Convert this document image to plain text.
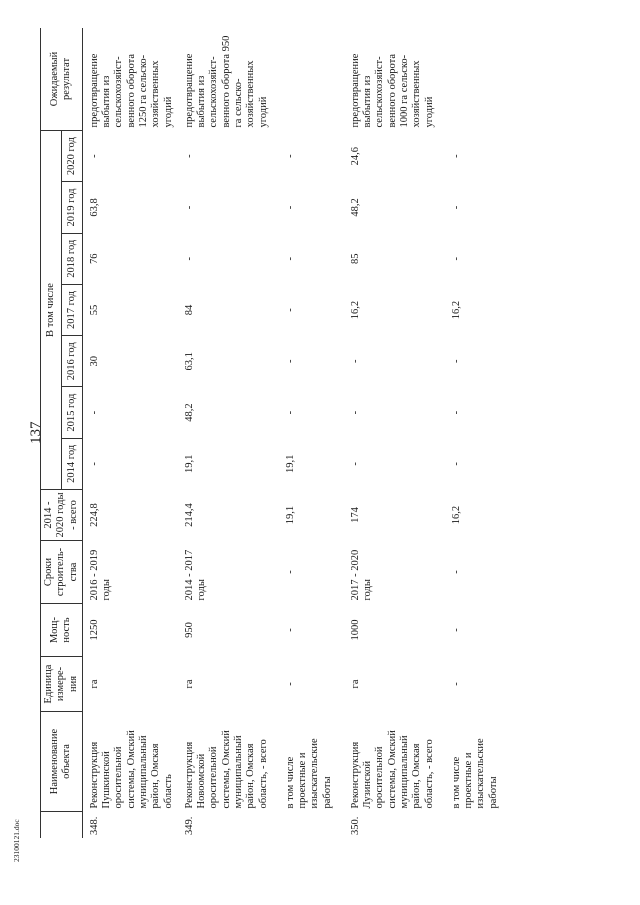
137
23100121.doc
	Наименование объекта	Единица измере-ния	Мощ-ность	Сроки строитель-ства	2014 - 2020 годы - всего	В том числе							Ожидаемый результат
						2014 год	2015 год	2016 год	2017 год	2018 год	2019 год	2020 год	
348.	Реконструкция Пушкинской оросительной системы, Омский муниципальный район, Омская область	га	1250	2016 - 2019 годы	224,8	-	-	30	55	76	63,8	-	предотвращение выбытия из сельскохозяйст-венного оборота 1250 га сельско-хозяйственных угодий
349.	Реконструкция Новоомской оросительной системы, Омский муниципальный район, Омская область, - всего	га	950	2014 - 2017 годы	214,4	19,1	48,2	63,1	84	-	-	-	предотвращение выбытия из сельскохозяйст-венного оборота 950 га сельско-хозяйственных угодий
	в том числе проектные и изыскательские работы	-	-	-	19,1	19,1	-	-	-	-	-	-	
350.	Реконструкция Лузинской оросительной системы, Омский муниципальный район, Омская область, - всего	га	1000	2017 - 2020 годы	174	-	-	-	16,2	85	48,2	24,6	предотвращение выбытия из сельскохозяйст-венного оборота 1000 га сельско-хозяйственных угодий
	в том числе проектные и изыскательские работы	-	-	-	16,2	-	-	-	16,2	-	-	-	
